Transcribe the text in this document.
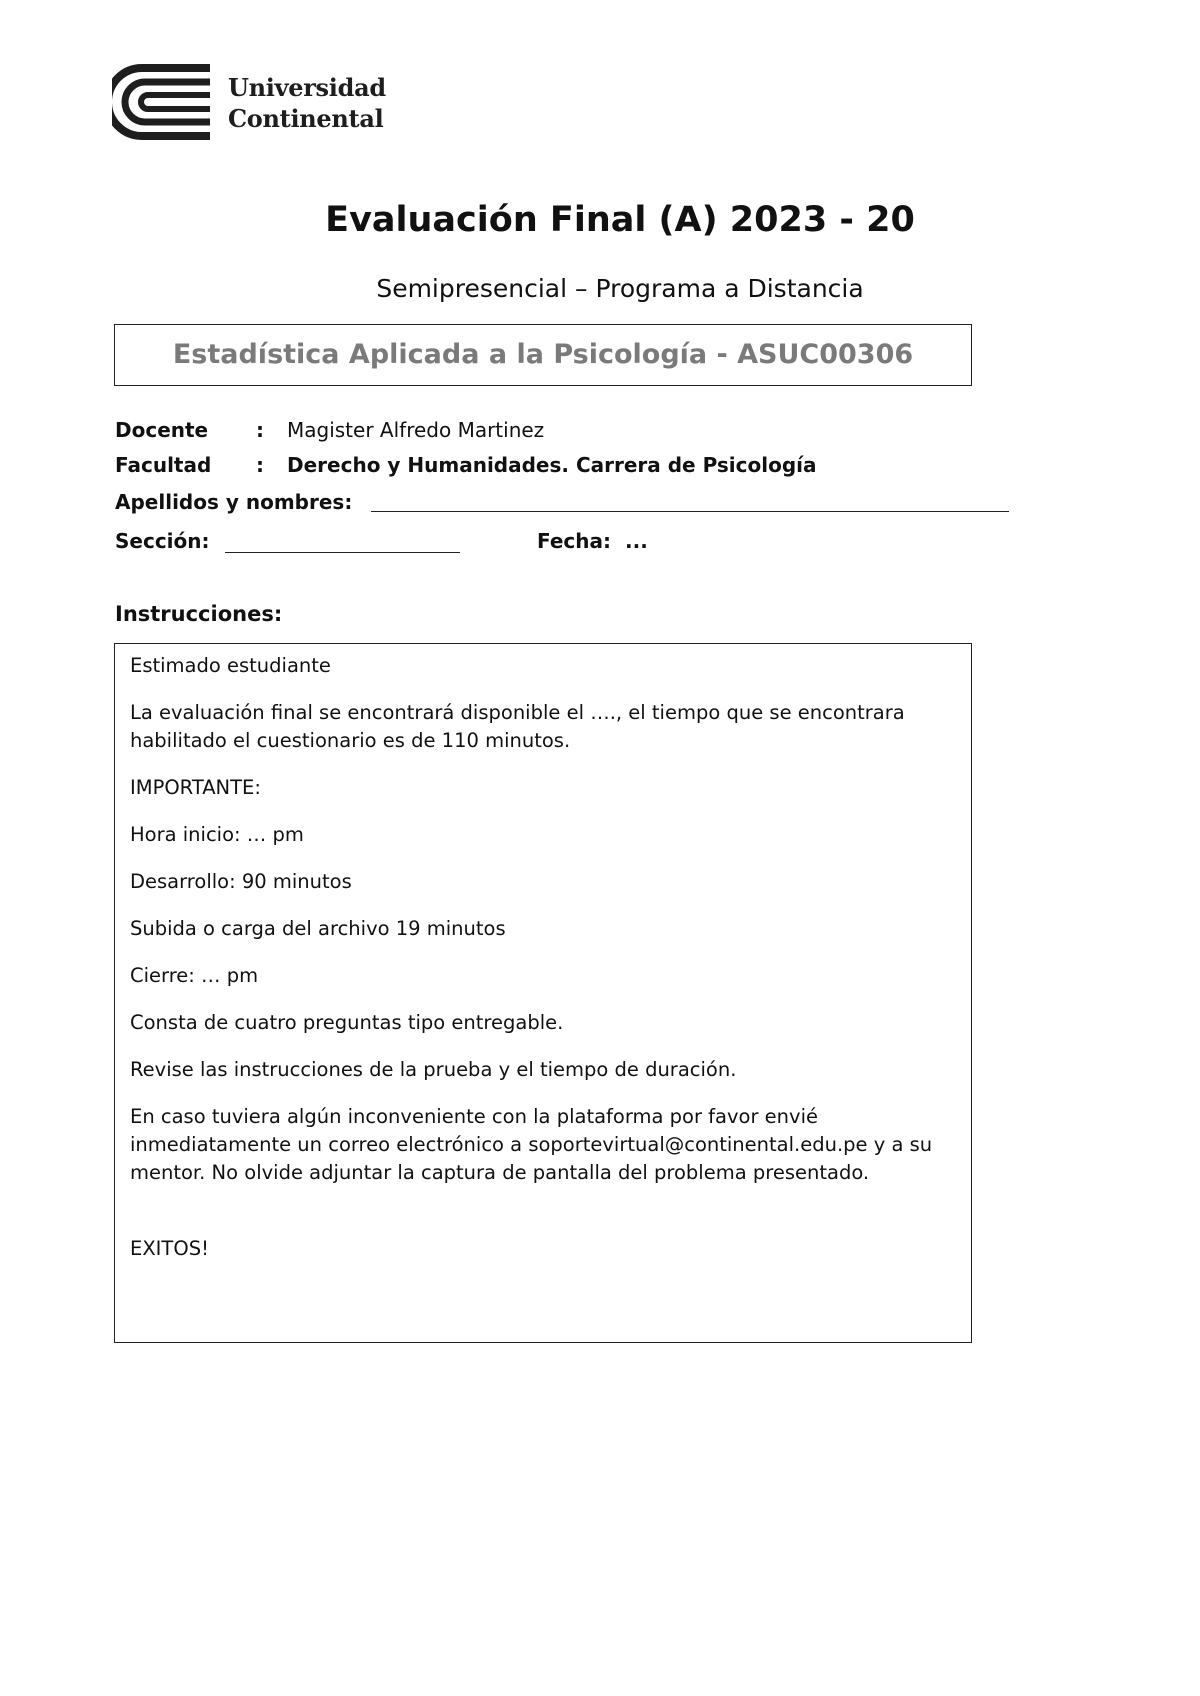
Universidad
Continental
Evaluación Final (A) 2023 - 20
Semipresencial – Programa a Distancia
Estadística Aplicada a la Psicología - ASUC00306
Docente : Magister Alfredo Martinez
Facultad : Derecho y Humanidades. Carrera de Psicología
Apellidos y nombres:
Sección:	Fecha: ...
Instrucciones:

Estimado estudiante

La evaluación final se encontrará disponible el …., el tiempo que se encontrara habilitado el cuestionario es de 110 minutos.

IMPORTANTE:

Hora inicio: … pm

Desarrollo: 90 minutos

Subida o carga del archivo 19 minutos

Cierre: … pm

Consta de cuatro preguntas tipo entregable.

Revise las instrucciones de la prueba y el tiempo de duración.

En caso tuviera algún inconveniente con la plataforma por favor envié inmediatamente un correo electrónico a soportevirtual@continental.edu.pe y a su mentor. No olvide adjuntar la captura de pantalla del problema presentado.

EXITOS!
